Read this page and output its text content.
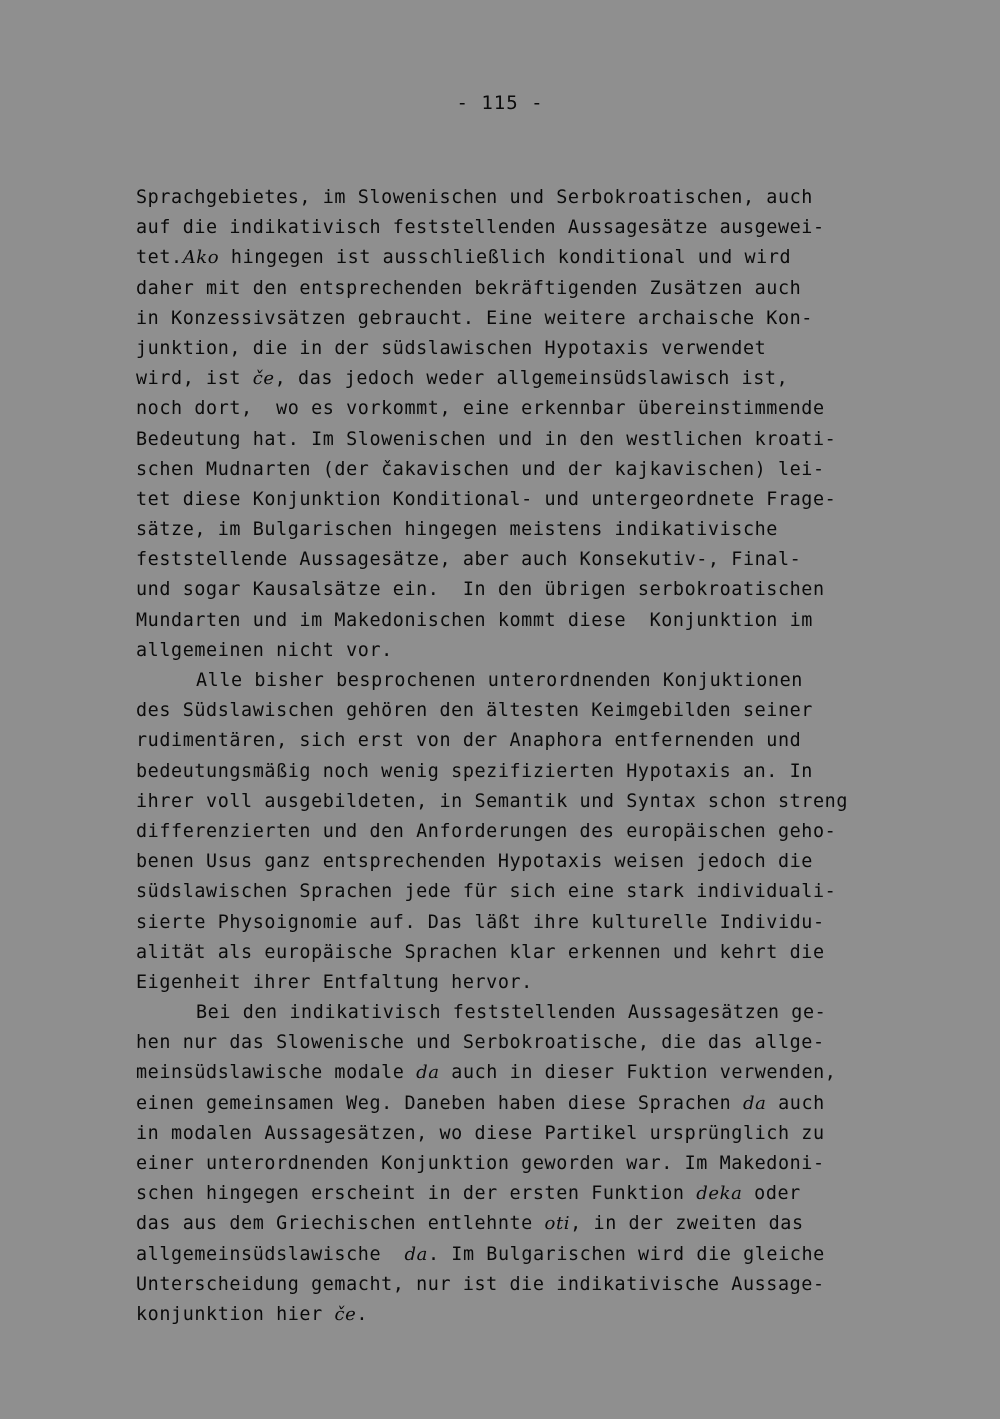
- 115 -
Sprachgebietes, im Slowenischen und Serbokroatischen, auch
auf die indikativisch feststellenden Aussagesätze ausgewei-
tet.Ako hingegen ist ausschließlich konditional und wird
daher mit den entsprechenden bekräftigenden Zusätzen auch
in Konzessivsätzen gebraucht. Eine weitere archaische Kon-
junktion, die in der südslawischen Hypotaxis verwendet
wird, ist če, das jedoch weder allgemeinsüdslawisch ist,
noch dort,  wo es vorkommt, eine erkennbar übereinstimmende
Bedeutung hat. Im Slowenischen und in den westlichen kroati-
schen Mudnarten (der čakavischen und der kajkavischen) lei-
tet diese Konjunktion Konditional- und untergeordnete Frage-
sätze, im Bulgarischen hingegen meistens indikativische
feststellende Aussagesätze, aber auch Konsekutiv-, Final-
und sogar Kausalsätze ein.  In den übrigen serbokroatischen
Mundarten und im Makedonischen kommt diese  Konjunktion im
allgemeinen nicht vor.
Alle bisher besprochenen unterordnenden Konjuktionen
des Südslawischen gehören den ältesten Keimgebilden seiner
rudimentären, sich erst von der Anaphora entfernenden und
bedeutungsmäßig noch wenig spezifizierten Hypotaxis an. In
ihrer voll ausgebildeten, in Semantik und Syntax schon streng
differenzierten und den Anforderungen des europäischen geho-
benen Usus ganz entsprechenden Hypotaxis weisen jedoch die
südslawischen Sprachen jede für sich eine stark individuali-
sierte Physoignomie auf. Das läßt ihre kulturelle Individu-
alität als europäische Sprachen klar erkennen und kehrt die
Eigenheit ihrer Entfaltung hervor.
Bei den indikativisch feststellenden Aussagesätzen ge-
hen nur das Slowenische und Serbokroatische, die das allge-
meinsüdslawische modale da auch in dieser Fuktion verwenden,
einen gemeinsamen Weg. Daneben haben diese Sprachen da auch
in modalen Aussagesätzen, wo diese Partikel ursprünglich zu
einer unterordnenden Konjunktion geworden war. Im Makedoni-
schen hingegen erscheint in der ersten Funktion deka oder
das aus dem Griechischen entlehnte oti, in der zweiten das
allgemeinsüdslawische  da. Im Bulgarischen wird die gleiche
Unterscheidung gemacht, nur ist die indikativische Aussage-
konjunktion hier če.
